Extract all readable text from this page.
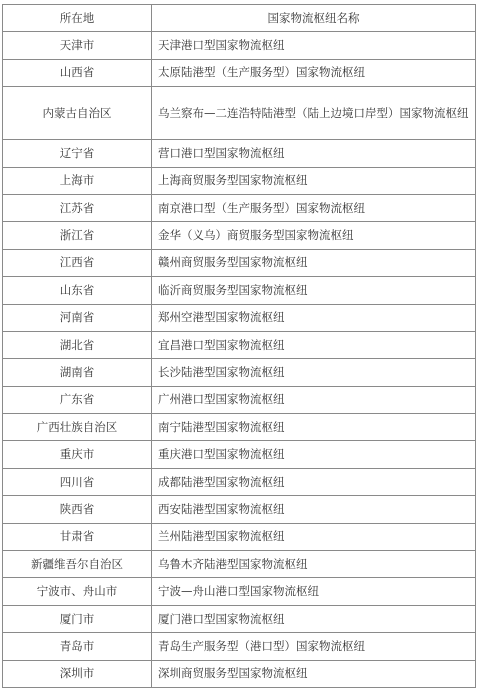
所在地	国家物流枢纽名称
天津市	天津港口型国家物流枢纽
山西省	太原陆港型（生产服务型）国家物流枢纽
内蒙古自治区	乌兰察布—二连浩特陆港型（陆上边境口岸型）国家物流枢纽
辽宁省	营口港口型国家物流枢纽
上海市	上海商贸服务型国家物流枢纽
江苏省	南京港口型（生产服务型）国家物流枢纽
浙江省	金华（义乌）商贸服务型国家物流枢纽
江西省	赣州商贸服务型国家物流枢纽
山东省	临沂商贸服务型国家物流枢纽
河南省	郑州空港型国家物流枢纽
湖北省	宜昌港口型国家物流枢纽
湖南省	长沙陆港型国家物流枢纽
广东省	广州港口型国家物流枢纽
广西壮族自治区	南宁陆港型国家物流枢纽
重庆市	重庆港口型国家物流枢纽
四川省	成都陆港型国家物流枢纽
陕西省	西安陆港型国家物流枢纽
甘肃省	兰州陆港型国家物流枢纽
新疆维吾尔自治区	乌鲁木齐陆港型国家物流枢纽
宁波市、舟山市	宁波—舟山港口型国家物流枢纽
厦门市	厦门港口型国家物流枢纽
青岛市	青岛生产服务型（港口型）国家物流枢纽
深圳市	深圳商贸服务型国家物流枢纽
